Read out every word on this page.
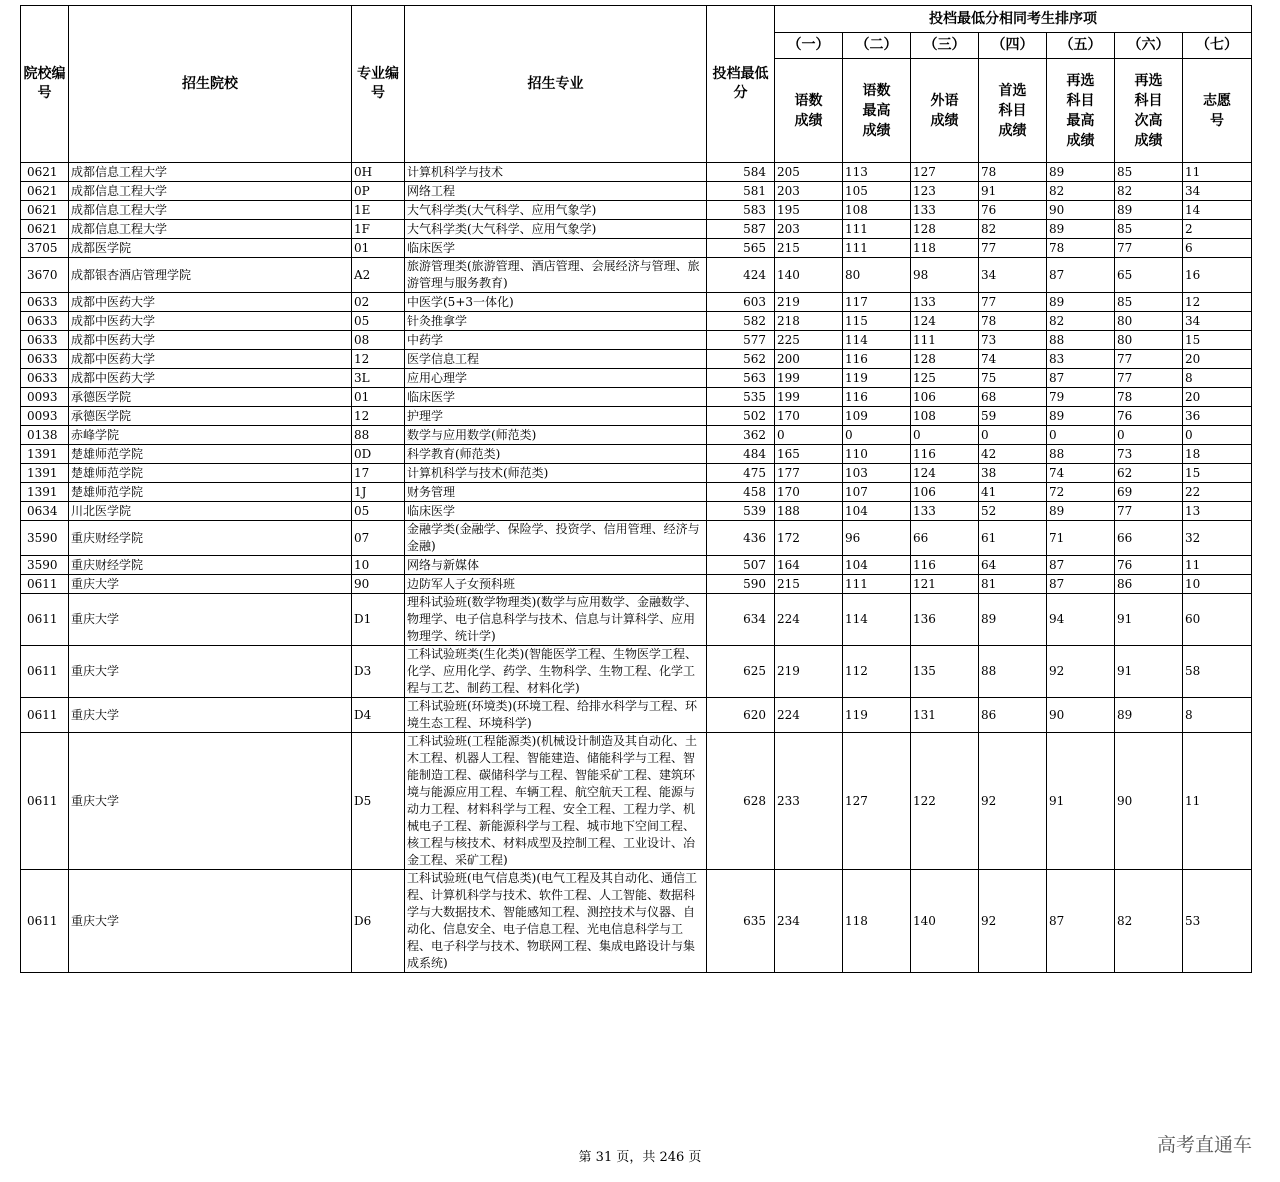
院校编号	招生院校	专业编号	招生专业	投档最低分	投档最低分相同考生排序项						
					（一）	（二）	（三）	（四）	（五）	（六）	（七）
					语数成绩	语数最高成绩	外语成绩	首选科目成绩	再选科目最高成绩	再选科目次高成绩	志愿号
0621	成都信息工程大学	0H	计算机科学与技术	584	205	113	127	78	89	85	11
0621	成都信息工程大学	0P	网络工程	581	203	105	123	91	82	82	34
0621	成都信息工程大学	1E	大气科学类(大气科学、应用气象学)	583	195	108	133	76	90	89	14
0621	成都信息工程大学	1F	大气科学类(大气科学、应用气象学)	587	203	111	128	82	89	85	2
3705	成都医学院	01	临床医学	565	215	111	118	77	78	77	6
3670	成都银杏酒店管理学院	A2	旅游管理类(旅游管理、酒店管理、会展经济与管理、旅游管理与服务教育)	424	140	80	98	34	87	65	16
0633	成都中医药大学	02	中医学(5+3一体化)	603	219	117	133	77	89	85	12
0633	成都中医药大学	05	针灸推拿学	582	218	115	124	78	82	80	34
0633	成都中医药大学	08	中药学	577	225	114	111	73	88	80	15
0633	成都中医药大学	12	医学信息工程	562	200	116	128	74	83	77	20
0633	成都中医药大学	3L	应用心理学	563	199	119	125	75	87	77	8
0093	承德医学院	01	临床医学	535	199	116	106	68	79	78	20
0093	承德医学院	12	护理学	502	170	109	108	59	89	76	36
0138	赤峰学院	88	数学与应用数学(师范类)	362	0	0	0	0	0	0	0
1391	楚雄师范学院	0D	科学教育(师范类)	484	165	110	116	42	88	73	18
1391	楚雄师范学院	17	计算机科学与技术(师范类)	475	177	103	124	38	74	62	15
1391	楚雄师范学院	1J	财务管理	458	170	107	106	41	72	69	22
0634	川北医学院	05	临床医学	539	188	104	133	52	89	77	13
3590	重庆财经学院	07	金融学类(金融学、保险学、投资学、信用管理、经济与金融)	436	172	96	66	61	71	66	32
3590	重庆财经学院	10	网络与新媒体	507	164	104	116	64	87	76	11
0611	重庆大学	90	边防军人子女预科班	590	215	111	121	81	87	86	10
0611	重庆大学	D1	理科试验班(数学物理类)(数学与应用数学、金融数学、物理学、电子信息科学与技术、信息与计算科学、应用物理学、统计学)	634	224	114	136	89	94	91	60
0611	重庆大学	D3	工科试验班类(生化类)(智能医学工程、生物医学工程、化学、应用化学、药学、生物科学、生物工程、化学工程与工艺、制药工程、材料化学)	625	219	112	135	88	92	91	58
0611	重庆大学	D4	工科试验班(环境类)(环境工程、给排水科学与工程、环境生态工程、环境科学)	620	224	119	131	86	90	89	8
0611	重庆大学	D5	工科试验班(工程能源类)(机械设计制造及其自动化、土木工程、机器人工程、智能建造、储能科学与工程、智能制造工程、碳储科学与工程、智能采矿工程、建筑环境与能源应用工程、车辆工程、航空航天工程、能源与动力工程、材料科学与工程、安全工程、工程力学、机械电子工程、新能源科学与工程、城市地下空间工程、核工程与核技术、材料成型及控制工程、工业设计、冶金工程、采矿工程)	628	233	127	122	92	91	90	11
0611	重庆大学	D6	工科试验班(电气信息类)(电气工程及其自动化、通信工程、计算机科学与技术、软件工程、人工智能、数据科学与大数据技术、智能感知工程、测控技术与仪器、自动化、信息安全、电子信息工程、光电信息科学与工程、电子科学与技术、物联网工程、集成电路设计与集成系统)	635	234	118	140	92	87	82	53
第 31 页，共 246 页
高考直通车
